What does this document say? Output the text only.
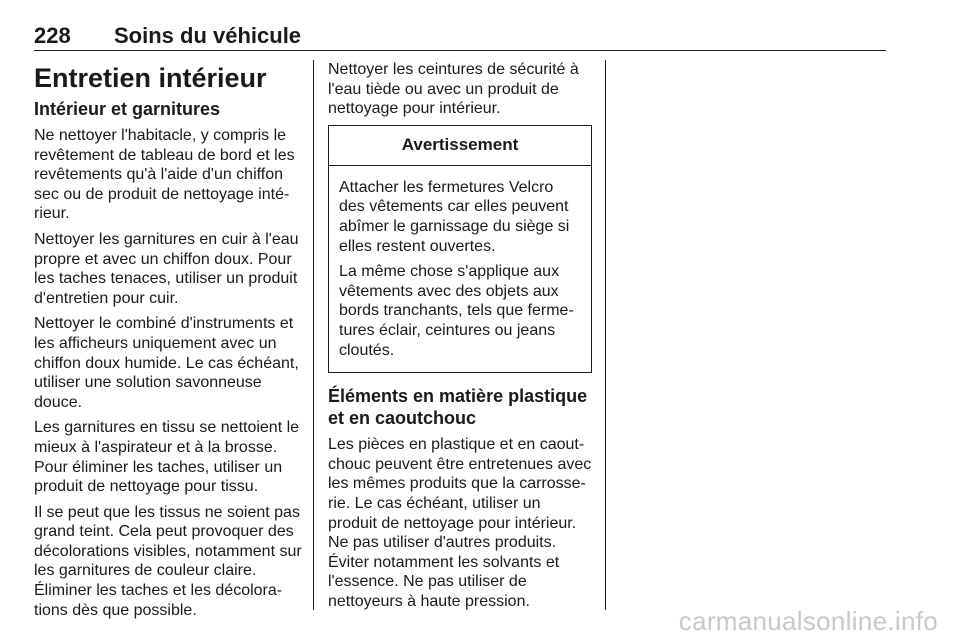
228 Soins du véhicule
Entretien intérieur
Intérieur et garnitures

Ne nettoyer l'habitacle, y compris le revêtement de tableau de bord et les revêtements qu'à l'aide d'un chiffon sec ou de produit de nettoyage inté- rieur.

Nettoyer les garnitures en cuir à l'eau propre et avec un chiffon doux. Pour les taches tenaces, utiliser un produit d'entretien pour cuir.

Nettoyer le combiné d'instruments et les afficheurs uniquement avec un chiffon doux humide. Le cas échéant, utiliser une solution savonneuse douce.

Les garnitures en tissu se nettoient le mieux à l'aspirateur et à la brosse. Pour éliminer les taches, utiliser un produit de nettoyage pour tissu.

Il se peut que les tissus ne soient pas grand teint. Cela peut provoquer des décolorations visibles, notamment sur les garnitures de couleur claire. Éliminer les taches et les décolora- tions dès que possible.

Nettoyer les ceintures de sécurité à l'eau tiède ou avec un produit de nettoyage pour intérieur.

Avertissement

Attacher les fermetures Velcro des vêtements car elles peuvent abîmer le garnissage du siège si elles restent ouvertes.

La même chose s'applique aux vêtements avec des objets aux bords tranchants, tels que ferme- tures éclair, ceintures ou jeans cloutés.

Éléments en matière plastique et en caoutchouc

Les pièces en plastique et en caout- chouc peuvent être entretenues avec les mêmes produits que la carrosse- rie. Le cas échéant, utiliser un produit de nettoyage pour intérieur. Ne pas utiliser d'autres produits. Éviter notamment les solvants et l'essence. Ne pas utiliser de nettoyeurs à haute pression.

carmanualsonline.info
